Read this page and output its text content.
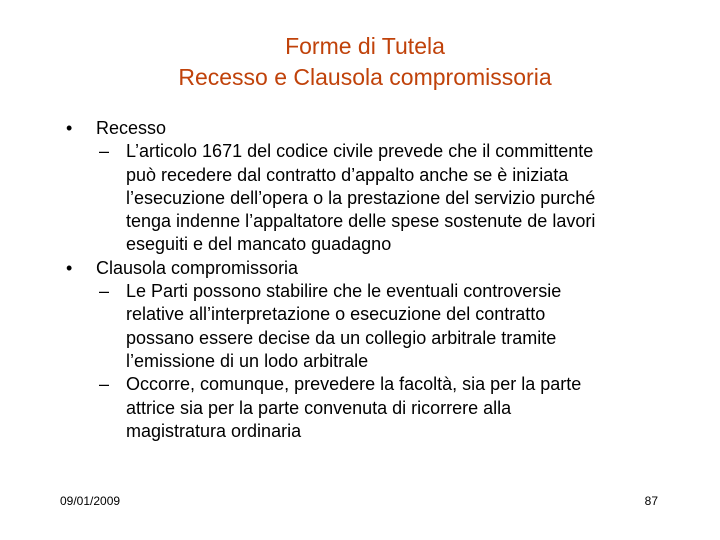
Forme di Tutela
Recesso e Clausola compromissoria
• Recesso
– L’articolo 1671 del codice civile prevede che il committente
può recedere dal contratto d’appalto anche se è iniziata
l’esecuzione dell’opera o la prestazione del servizio purché
tenga indenne l’appaltatore delle spese sostenute de lavori
eseguiti e del mancato guadagno
• Clausola compromissoria
– Le Parti possono stabilire che le eventuali controversie
relative all’interpretazione o esecuzione del contratto
possano essere decise da un collegio arbitrale tramite
l’emissione di un lodo arbitrale
– Occorre, comunque, prevedere la facoltà, sia per la parte
attrice sia per la parte convenuta di ricorrere alla
magistratura ordinaria
09/01/2009	87
